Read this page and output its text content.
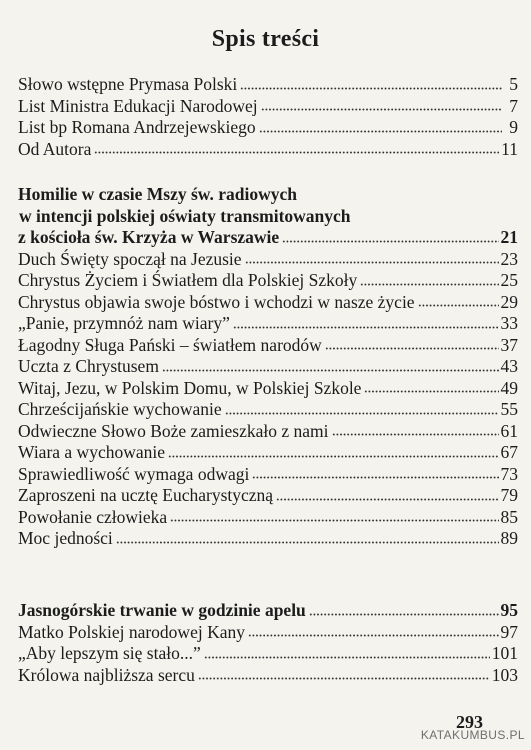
Spis treści
Słowo wstępne Prymasa Polski	5
List Ministra Edukacji Narodowej	7
List bp Romana Andrzejewskiego	9
Od Autora	11
Homilie w czasie Mszy św. radiowych
w intencji polskiej oświaty transmitowanych
z kościoła św. Krzyża w Warszawie	21
Duch Święty spoczął na Jezusie	23
Chrystus Życiem i Światłem dla Polskiej Szkoły	25
Chrystus objawia swoje bóstwo i wchodzi w nasze życie	29
„Panie, przymnóż nam wiary”	33
Łagodny Sługa Pański – światłem narodów	37
Uczta z Chrystusem	43
Witaj, Jezu, w Polskim Domu, w Polskiej Szkole	49
Chrześcijańskie wychowanie	55
Odwieczne Słowo Boże zamieszkało z nami	61
Wiara a wychowanie	67
Sprawiedliwość wymaga odwagi	73
Zaproszeni na ucztę Eucharystyczną	79
Powołanie człowieka	85
Moc jedności	89
Jasnogórskie trwanie w godzinie apelu	95
Matko Polskiej narodowej Kany	97
„Aby lepszym się stało...”	101
Królowa najbliższa sercu	103
293
KATAKUMBUS.PL
